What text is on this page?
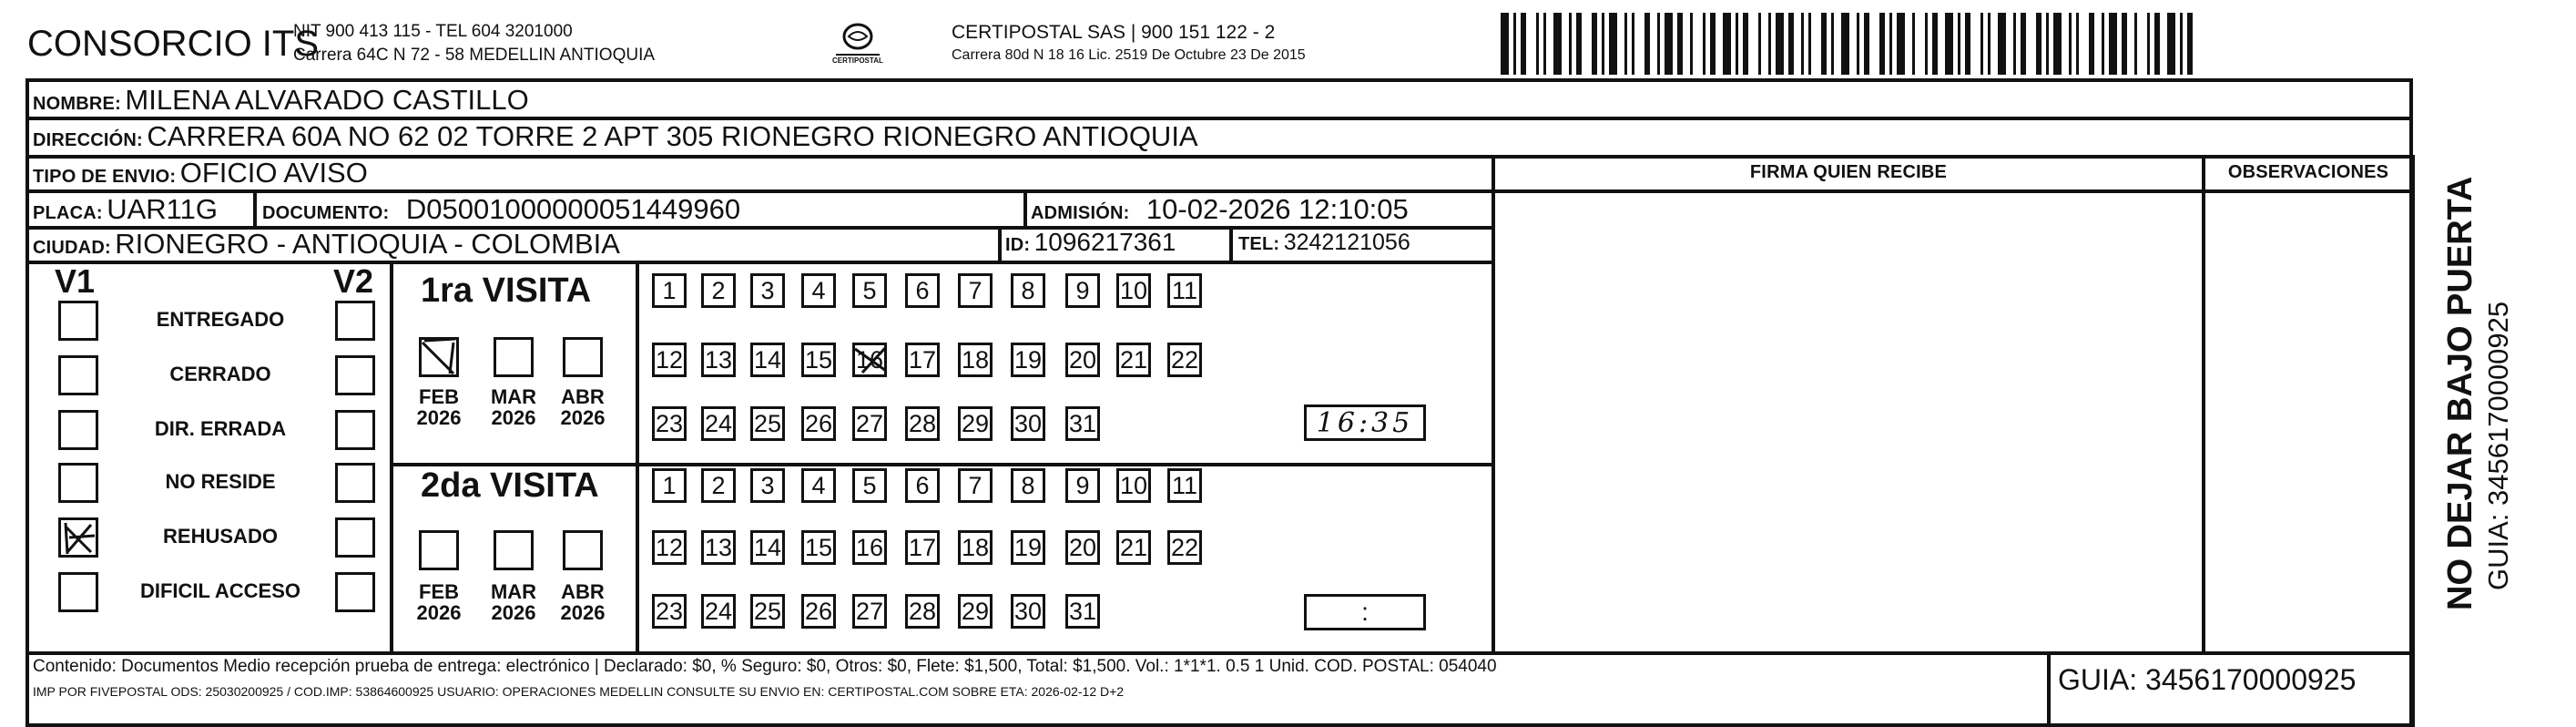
CONSORCIO ITS
NIT 900 413 115 - TEL 604 3201000
Carrera 64C N 72 - 58 MEDELLIN ANTIOQUIA	CERTIPOSTAL
CERTIPOSTAL SAS | 900 151 122 - 2
Carrera 80d N 18 16 Lic. 2519 De Octubre 23 De 2015
NOMBRE: MILENA ALVARADO CASTILLO
DIRECCIÓN: CARRERA 60A NO 62 02 TORRE 2 APT 305 RIONEGRO RIONEGRO ANTIOQUIA
TIPO DE ENVIO: OFICIO AVISO	FIRMA QUIEN RECIBE	OBSERVACIONES
PLACA: UAR11G DOCUMENTO: D05001000000051449960	ADMISIÓN: 10-02-2026 12:10:05
CIUDAD: RIONEGRO - ANTIOQUIA - COLOMBIA	ID: 1096217361	TEL: 3242121056
V1	V2
ENTREGADO
CERRADO
DIR. ERRADA
NO RESIDE
REHUSADO
DIFICIL ACCESO
1ra VISITA
2da VISITA
FEB
2026
MAR
2026
ABR
2026
FEB
2026
MAR
2026
ABR
2026
1	2	3	4	5	6	7	8	9	10 11
12 13 14 15 16 17 18 19 20 21 22
23 24 25 26 27 28 29 30 31
1	2	3	4	5	6	7	8	9	10 11
12 13 14 15 16 17 18 19 20 21 22
23 24 25 26 27 28 29 30 31
16:35
:
NO DEJAR BAJO PUERTA GUIA: 3456170000925
Contenido: Documentos Medio recepción prueba de entrega: electrónico | Declarado: $0, % Seguro: $0, Otros: $0, Flete: $1,500, Total: $1,500. Vol.: 1*1*1. 0.5 1 Unid. COD. POSTAL: 054040
IMP POR FIVEPOSTAL ODS: 25030200925 / COD.IMP: 53864600925 USUARIO: OPERACIONES MEDELLIN CONSULTE SU ENVIO EN: CERTIPOSTAL.COM SOBRE ETA: 2026-02-12 D+2	GUIA: 3456170000925
